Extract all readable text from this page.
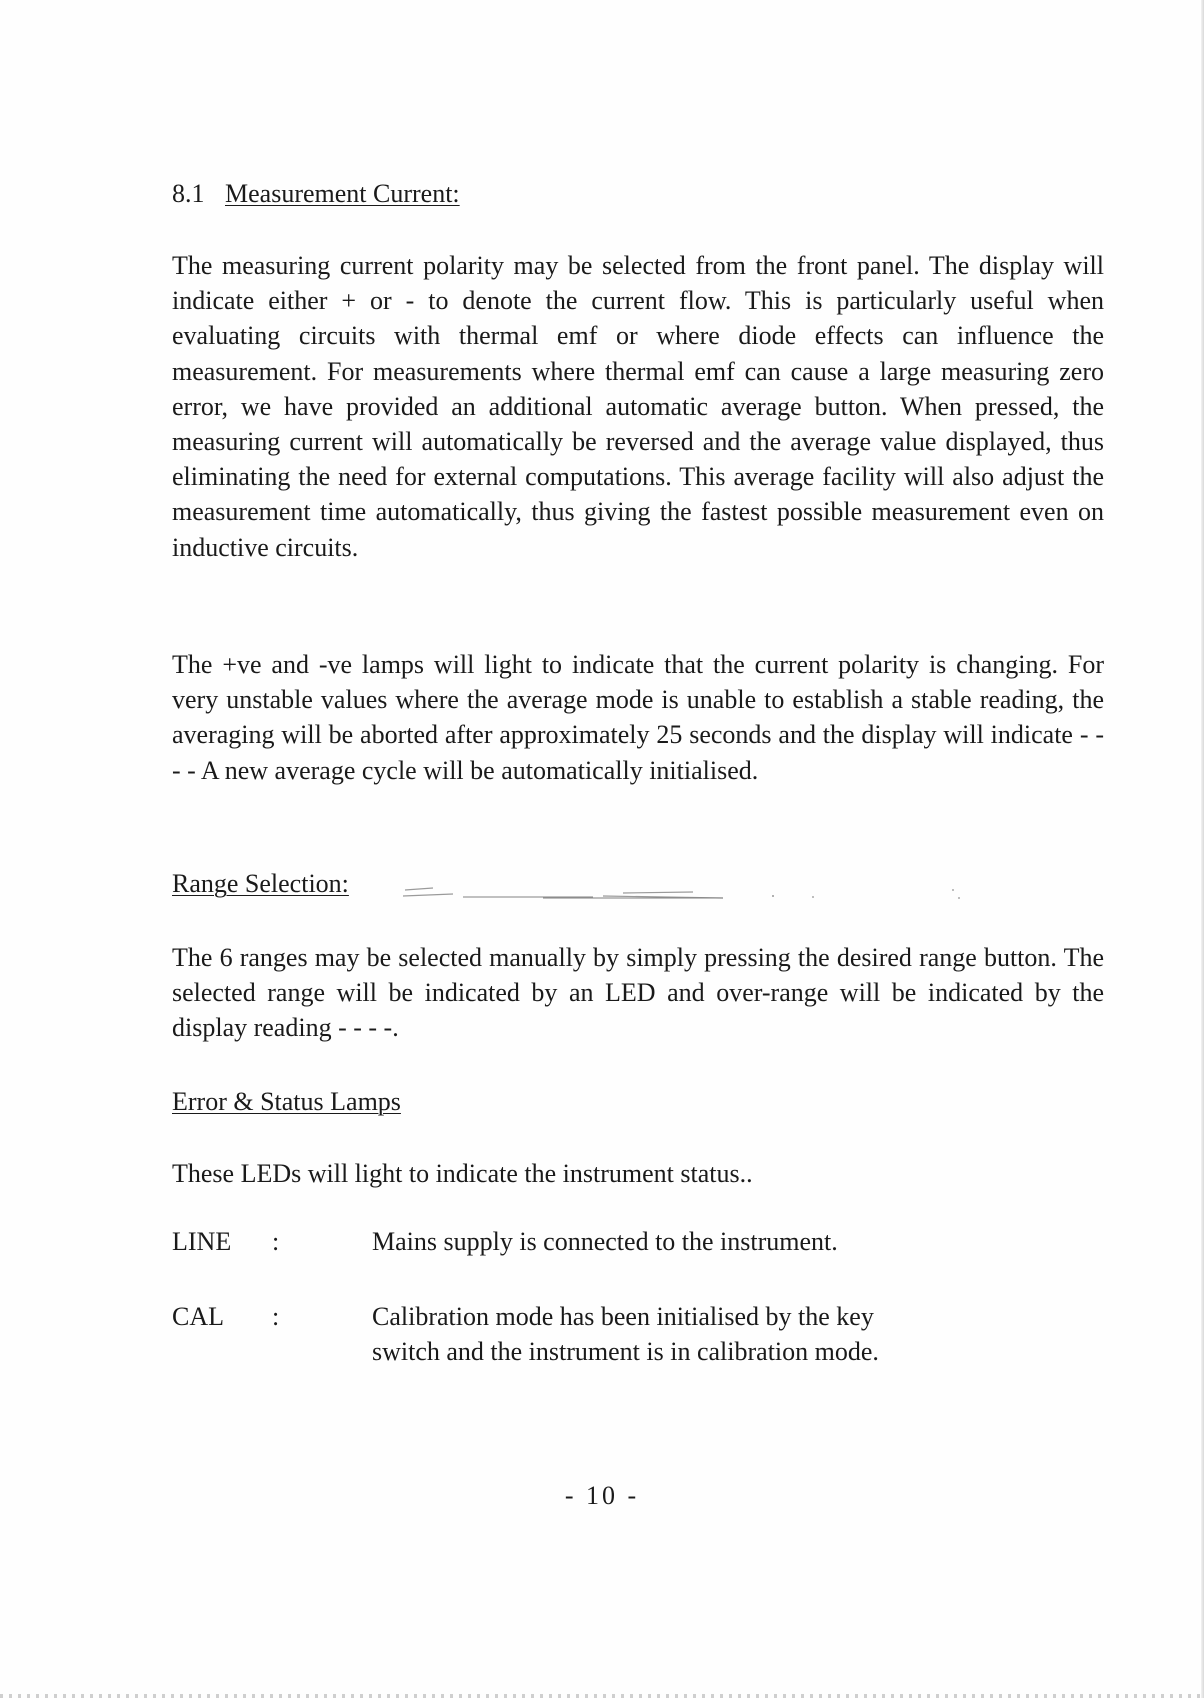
8.1 Measurement Current:

The measuring current polarity may be selected from the front panel. The display will indicate either + or - to denote the current flow. This is particularly useful when evaluating circuits with thermal emf or where diode effects can influence the measurement. For measurements where thermal emf can cause a large measuring zero error, we have provided an additional automatic average button. When pressed, the measuring current will automatically be reversed and the average value displayed, thus eliminating the need for external computations. This average facility will also adjust the measurement time automatically, thus giving the fastest possible measurement even on inductive circuits.

The +ve and -ve lamps will light to indicate that the current polarity is changing. For very unstable values where the average mode is unable to establish a stable reading, the averaging will be aborted after approximately 25 seconds and the display will indicate - - - - A new average cycle will be automatically initialised.

Range Selection:

The 6 ranges may be selected manually by simply pressing the desired range button. The selected range will be indicated by an LED and over-range will be indicated by the display reading - - - -.

Error & Status Lamps

These LEDs will light to indicate the instrument status..

LINE :	Mains supply is connected to the instrument.
CAL :	Calibration mode has been initialised by the key switch and the instrument is in calibration mode.
- 10 -
